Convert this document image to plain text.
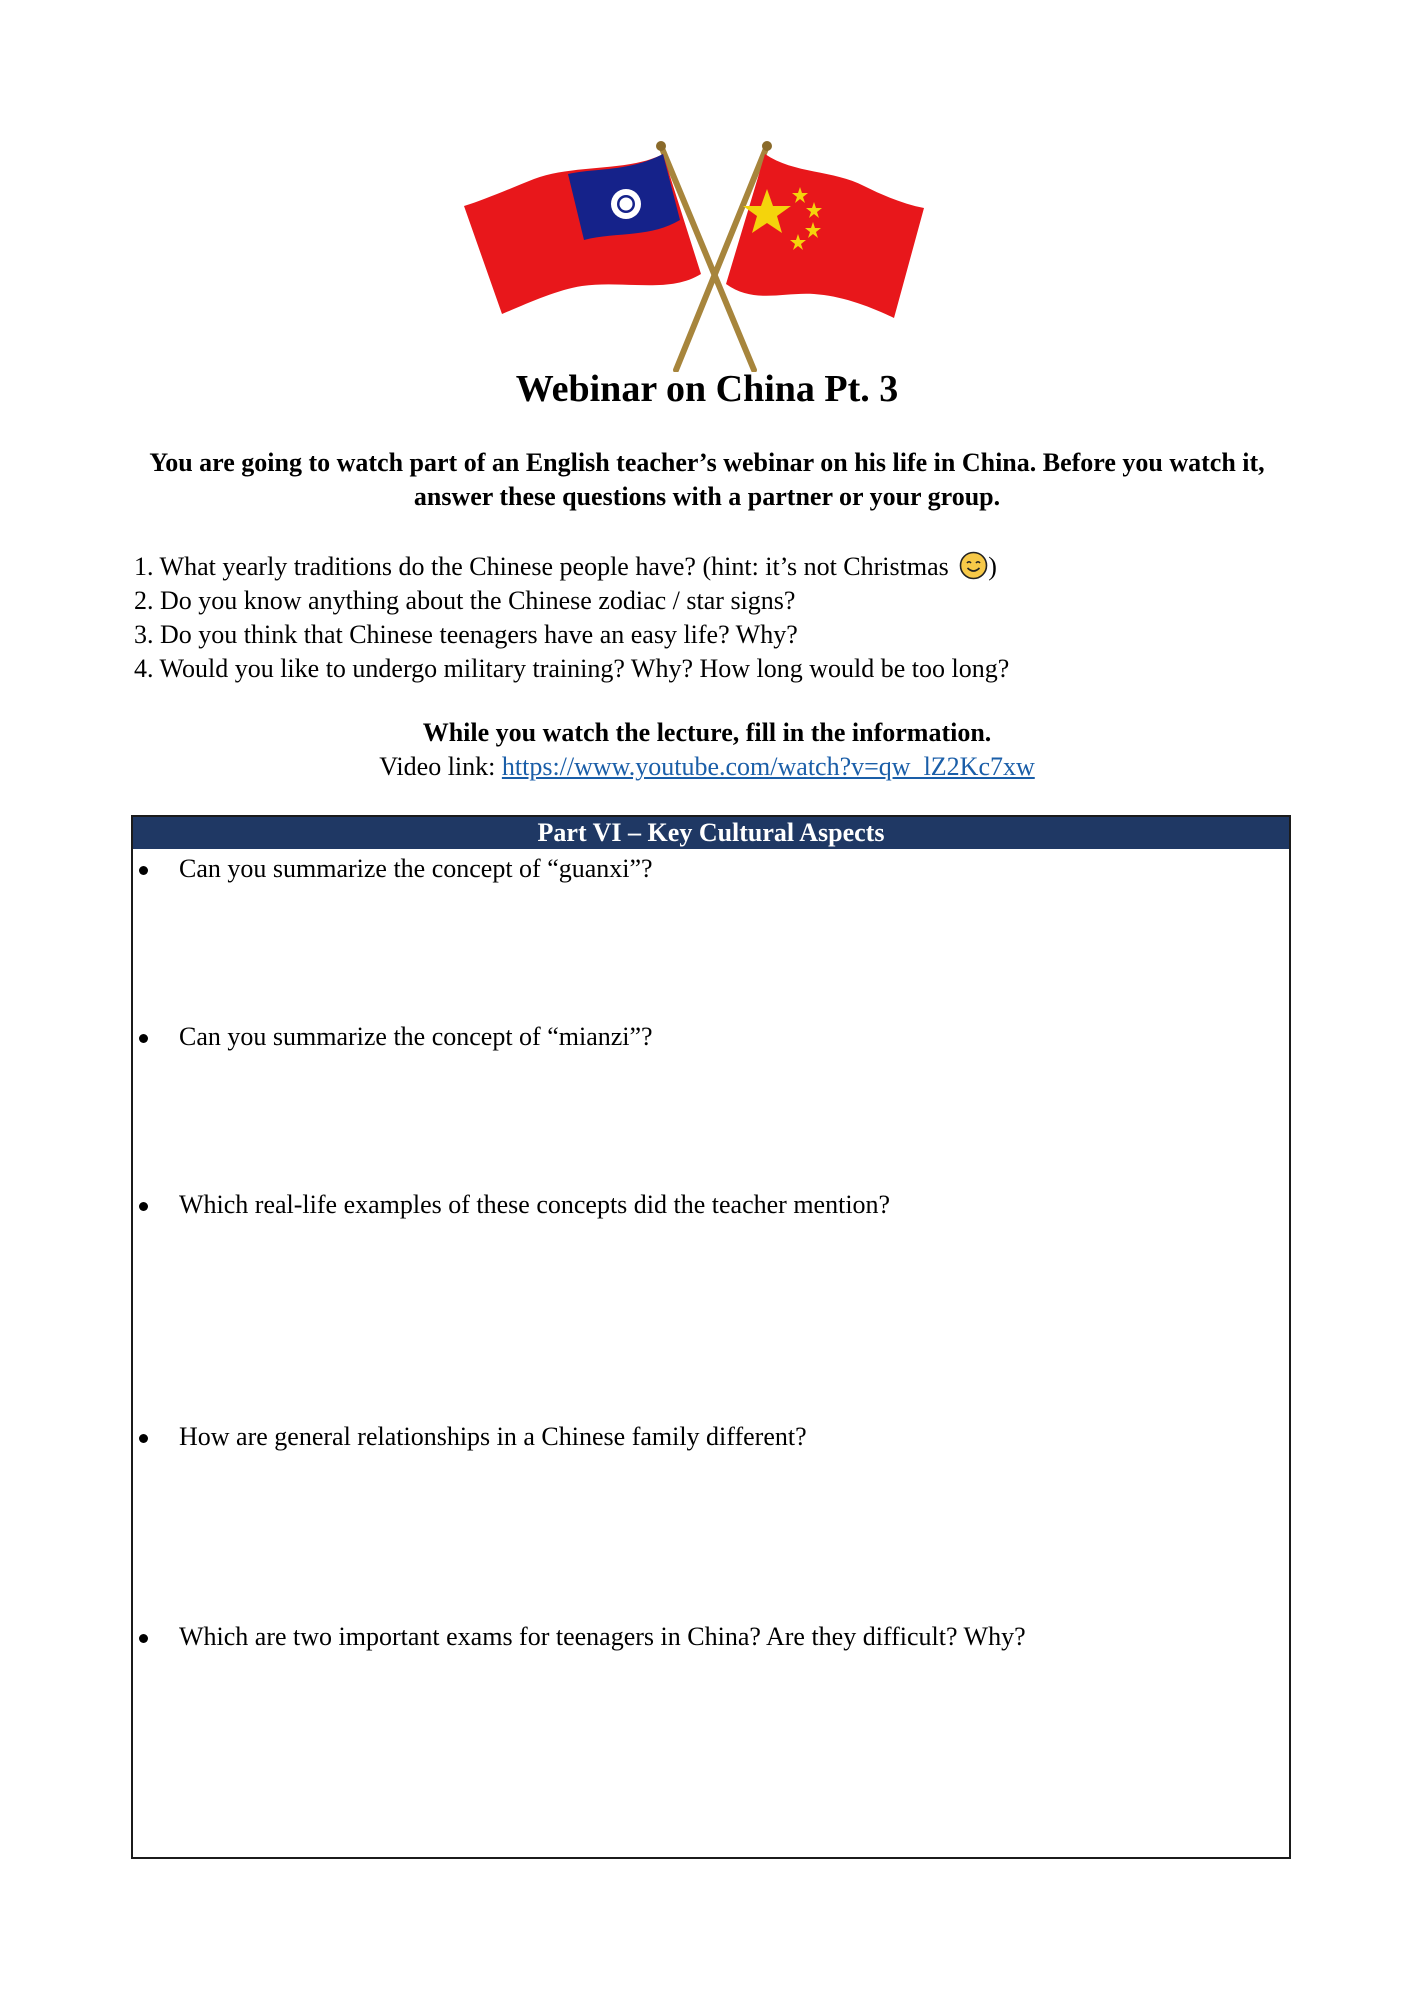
Webinar on China Pt. 3
You are going to watch part of an English teacher’s webinar on his life in China. Before you watch it, answer these questions with a partner or your group.
1. What yearly traditions do the Chinese people have? (hint: it’s not Christmas )
2. Do you know anything about the Chinese zodiac / star signs?
3. Do you think that Chinese teenagers have an easy life? Why?
4. Would you like to undergo military training? Why? How long would be too long?
While you watch the lecture, fill in the information.
Video link: https://www.youtube.com/watch?v=qw_lZ2Kc7xw
Part VI – Key Cultural Aspects
Can you summarize the concept of “guanxi”?
Can you summarize the concept of “mianzi”?
Which real-life examples of these concepts did the teacher mention?
How are general relationships in a Chinese family different?
Which are two important exams for teenagers in China? Are they difficult? Why?
